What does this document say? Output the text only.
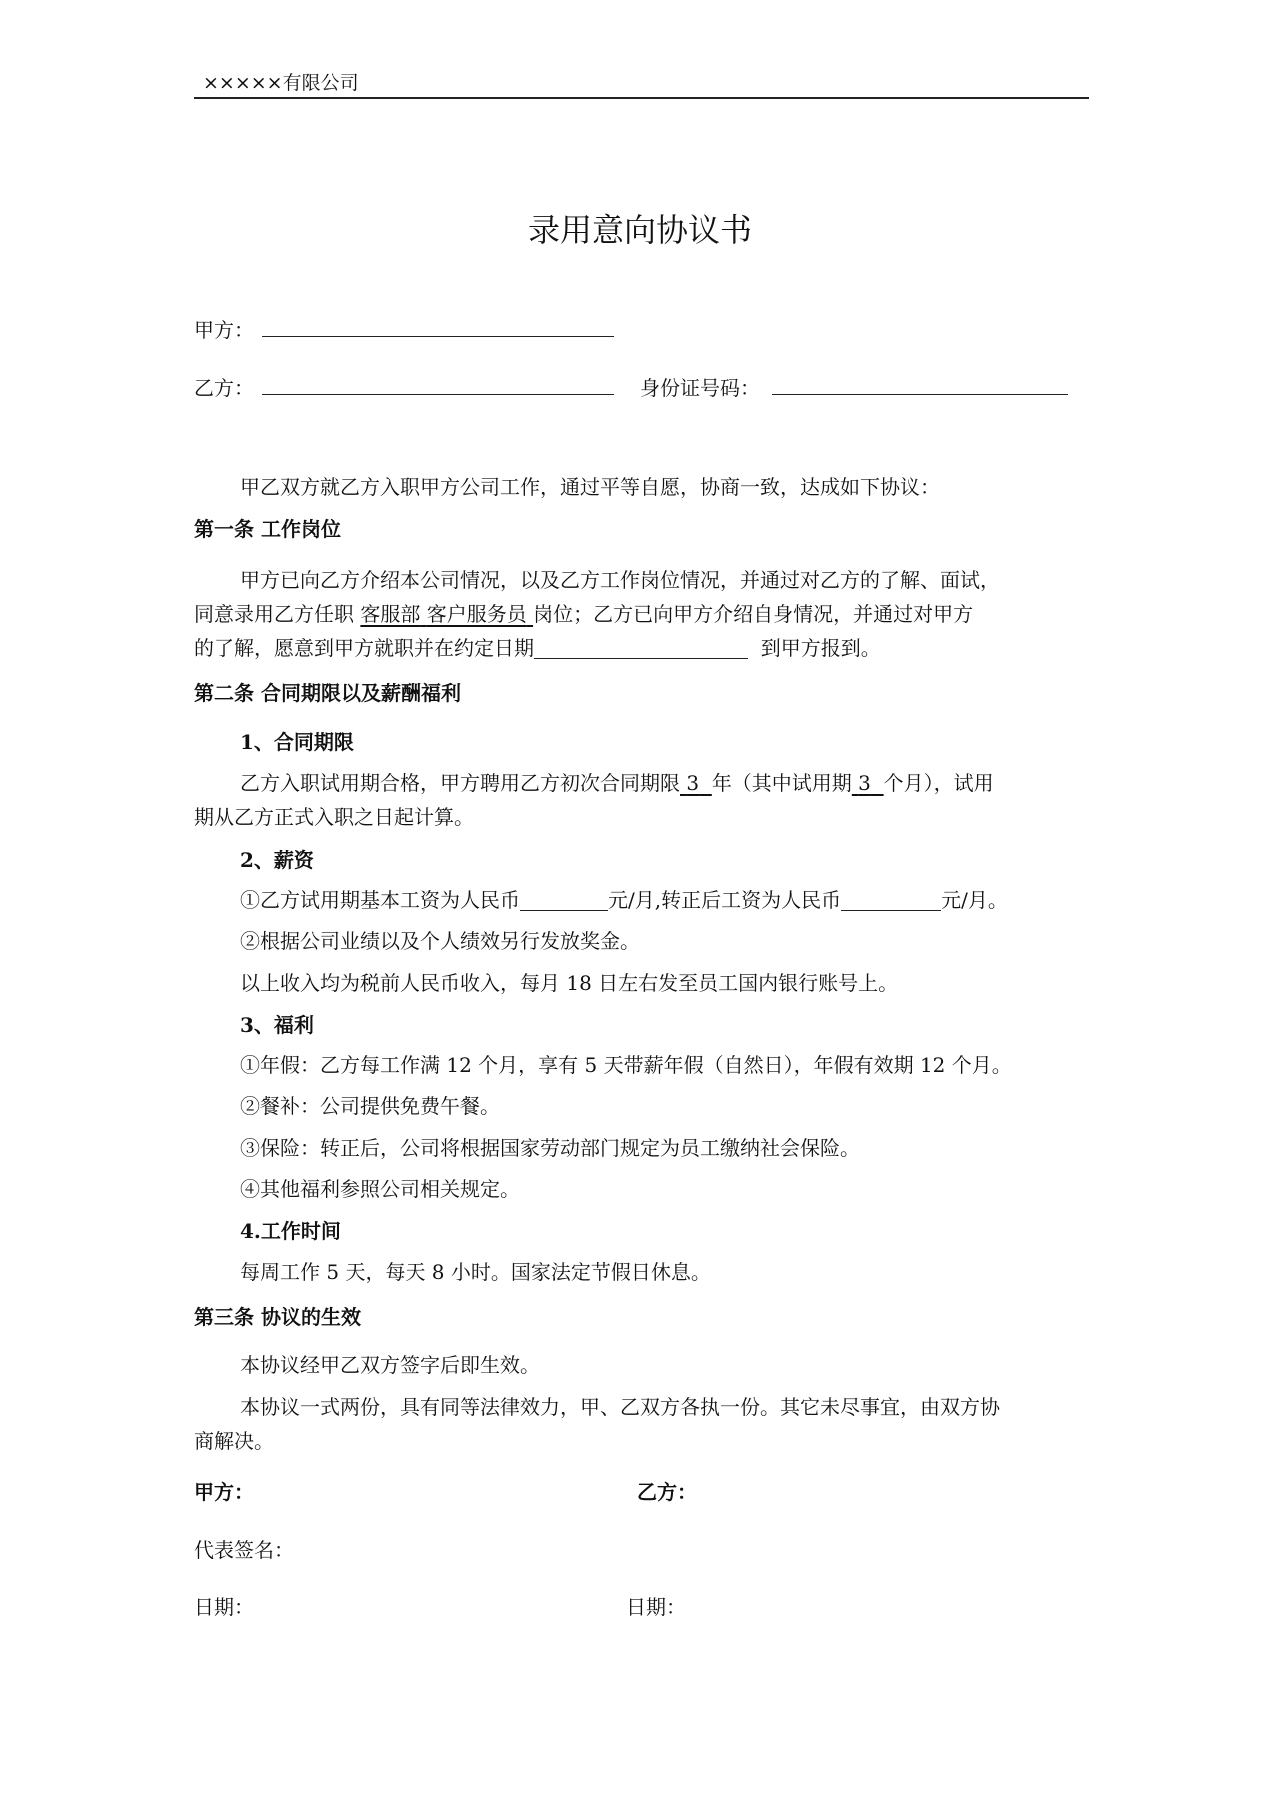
×××××有限公司
录用意向协议书
甲方：
乙方：	身份证号码：
甲乙双方就乙方入职甲方公司工作，通过平等自愿，协商一致，达成如下协议：
第一条 工作岗位
甲方已向乙方介绍本公司情况，以及乙方工作岗位情况，并通过对乙方的了解、面试，
同意录用乙方任职 客服部 客户服务员 岗位；乙方已向甲方介绍自身情况，并通过对甲方
的了解，愿意到甲方就职并在约定日期	到甲方报到。
第二条 合同期限以及薪酬福利
1、合同期限
乙方入职试用期合格，甲方聘用乙方初次合同期限 3 年（其中试用期 3 个月），试用
期从乙方正式入职之日起计算。
2、薪资
①乙方试用期基本工资为人民币	元/月,转正后工资为人民币	元/月。
②根据公司业绩以及个人绩效另行发放奖金。
以上收入均为税前人民币收入，每月 18 日左右发至员工国内银行账号上。
3、福利
①年假：乙方每工作满 12 个月，享有 5 天带薪年假（自然日），年假有效期 12 个月。
②餐补：公司提供免费午餐。
③保险：转正后，公司将根据国家劳动部门规定为员工缴纳社会保险。
④其他福利参照公司相关规定。
4.工作时间
每周工作 5 天，每天 8 小时。国家法定节假日休息。
第三条 协议的生效
本协议经甲乙双方签字后即生效。
本协议一式两份，具有同等法律效力，甲、乙双方各执一份。其它未尽事宜，由双方协
商解决。
甲方：	乙方：
代表签名：
日期：	日期：
